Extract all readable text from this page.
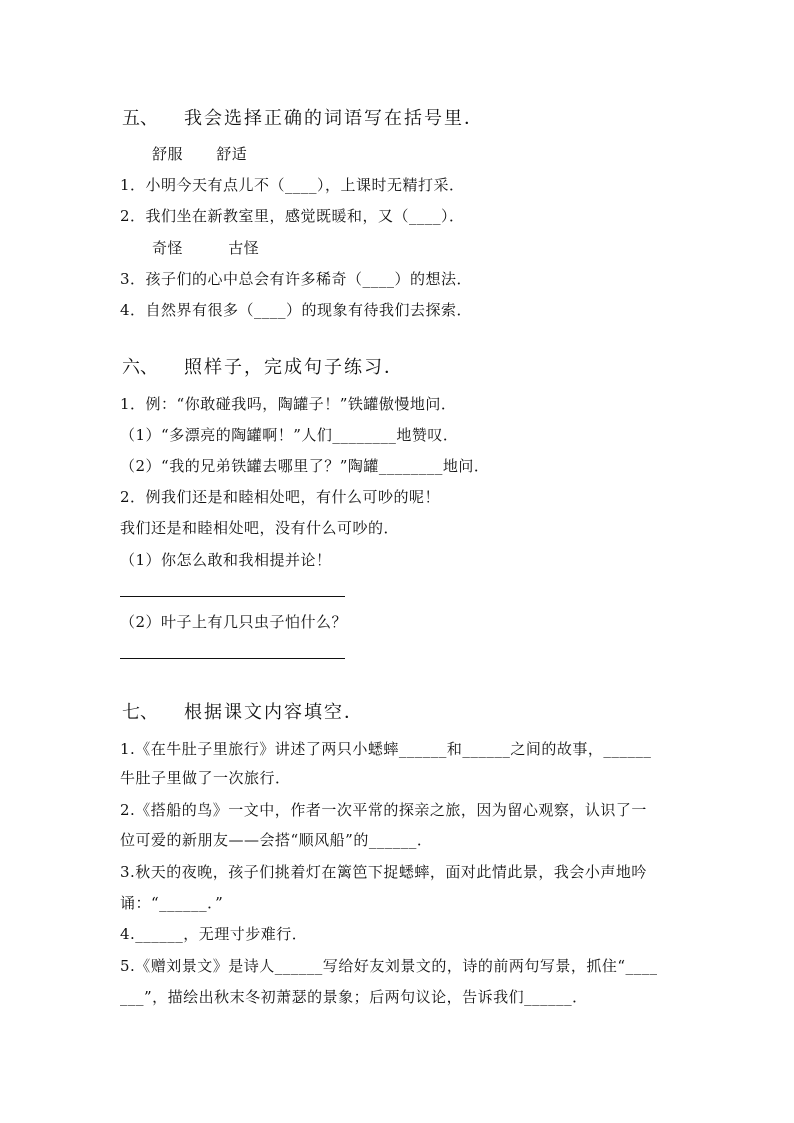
五、 我会选择正确的词语写在括号里．
舒服 舒适
1．小明今天有点儿不（____），上课时无精打采．
2．我们坐在新教室里，感觉既暖和，又（____）．
奇怪	古怪
3．孩子们的心中总会有许多稀奇（____）的想法．
4．自然界有很多（____）的现象有待我们去探索．
六、 照样子，完成句子练习．
1．例：“你敢碰我吗，陶罐子！”铁罐傲慢地问．
（1）“多漂亮的陶罐啊！”人们________地赞叹．
（2）“我的兄弟铁罐去哪里了？”陶罐________地问．
2．例我们还是和睦相处吧，有什么可吵的呢！
我们还是和睦相处吧，没有什么可吵的．
（1）你怎么敢和我相提并论！
（2）叶子上有几只虫子怕什么？
七、 根据课文内容填空．
1.《在牛肚子里旅行》讲述了两只小蟋蟀______和______之间的故事，______
牛肚子里做了一次旅行．
2.《搭船的鸟》一文中，作者一次平常的探亲之旅，因为留心观察，认识了一
位可爱的新朋友——会搭“顺风船”的______．
3.秋天的夜晚，孩子们挑着灯在篱笆下捉蟋蟀，面对此情此景，我会小声地吟
诵：“______．”
4.______，无理寸步难行．
5.《赠刘景文》是诗人______写给好友刘景文的，诗的前两句写景，抓住“____
___”，描绘出秋末冬初萧瑟的景象；后两句议论，告诉我们______．
